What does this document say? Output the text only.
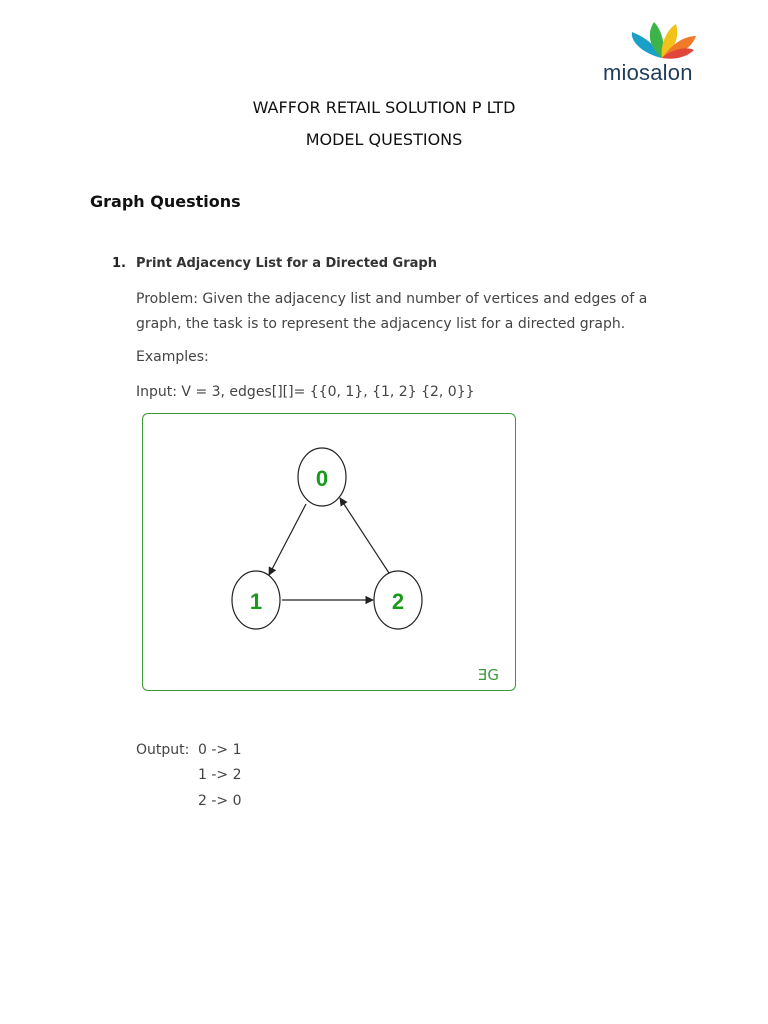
miosalon
WAFFOR RETAIL SOLUTION P LTD
MODEL QUESTIONS
Graph Questions
1. Print Adjacency List for a Directed Graph
Problem: Given the adjacency list and number of vertices and edges of a graph, the task is to represent the adjacency list for a directed graph.
Examples:
Input: V = 3, edges[][]= {{0, 1}, {1, 2} {2, 0}}
0
1	2
ƎG
Output: 0 -> 1
1 -> 2
2 -> 0
